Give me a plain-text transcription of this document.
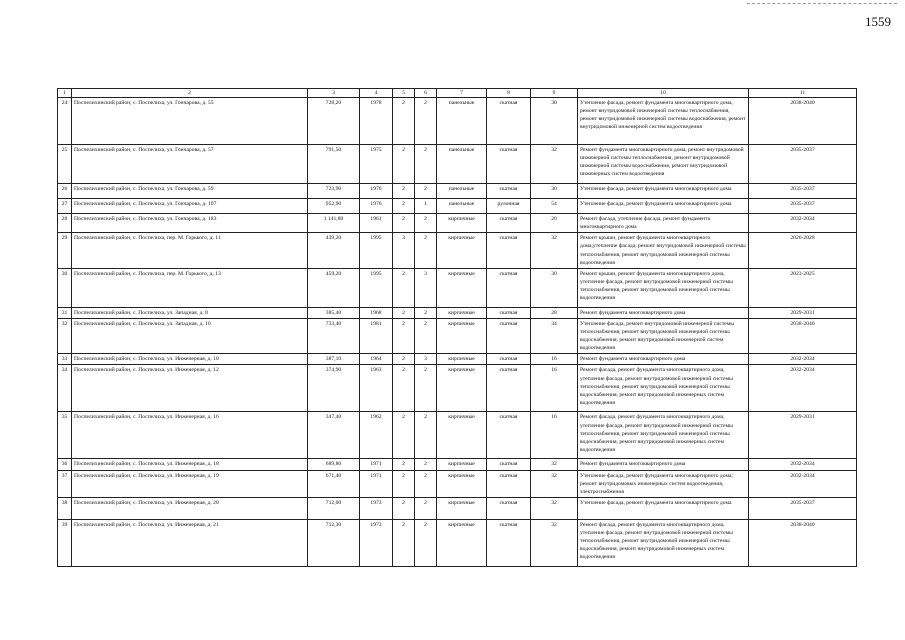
1559
1	2	3	4	5	6	7	8	9	10	11
24	Поспелихинский район, с. Поспелиха, ул. Гончарова, д. 55	728,20	1978	2	2	панельные	скатная	30	Утепление фасада, ремонт фундамента многоквартирного дома, ремонт внутридомовой инженерной системы теплоснабжения, ремонт внутридомовой инженерной системы водоснабжения, ремонт внутридомовой инженерной систем водоотведения	2038-2040
25	Поспелихинский район, с. Поспелиха, ул. Гончарова, д. 57	791,50	1975	2	2	панельные	скатная	32	Ремонт фундамента многоквартирного дома, ремонт внутридомовой инженерной системы теплоснабжения, ремонт внутридомовой инженерной системы водоснабжения, ремонт внутридомовой инженерных систем водоотведения	2035-2037
26	Поспелихинский район, с. Поспелиха, ул. Гончарова, д. 59	723,90	1976	2	2	панельные	скатная	30	Утепление фасада, ремонт фундамента многоквартирного дома	2035-2037
27	Поспелихинский район, с. Поспелиха, ул. Гончарова, д. 107	952,90	1976	2	1	панельные	рулонная	54	Утепление фасада, ремонт фундамента многоквартирного дома	2035-2037
28	Поспелихинский район, с. Поспелиха, ул. Гончарова, д. 183	1 141,80	1961	2	2	кирпичные	скатная	20	Ремонт фасада, утепление фасада, ремонт фундамента многоквартирного дома	2032-2034
29	Поспелихинский район, с. Поспелиха, пер. М. Горького, д. 11	439,20	1995	3	2	кирпичные	скатная	32	Ремонт крыши, ремонт фундамента многоквартирного дома,утепление фасада, ремонт внутридомовой инженерной системы теплоснабжения, ремонт внутридомовой инженерной системы водоотведения	2026-2028
30	Поспелихинский район, с. Поспелиха, пер. М. Горького, д. 13	459,20	1995	2	3	кирпичные	скатная	30	Ремонт крыши, ремонт фундамента многоквартирного дома, утепление фасада, ремонт внутридомовой инженерной системы теплоснабжения, ремонт внутридомовой инженерной системы водоотведения	2023-2025
31	Поспелихинский район, с. Поспелиха, ул. Западная, д. 8	385,40	1968	2	2	кирпичные	скатная	28	Ремонт фундамента многоквартирного дома	2029-2031
32	Поспелихинский район, с. Поспелиха, ул. Западная, д. 10	733,40	1981	2	2	кирпичные	скатная	34	Утепление фасада, ремонт внутридомовой инженерной системы теплоснабжения, ремонт внутридомовой инженерной системы водоснабжения, ремонт внутридомовой инженерной систем водоотведения	2038-2040
33	Поспелихинский район, с. Поспелиха, ул. Инженерная, д. 10	387,10	1964	2	3	кирпичные	скатная	16	Ремонт фундамента многоквартирного дома	2032-2034
34	Поспелихинский район, с. Поспелиха, ул. Инженерная, д. 12	374,90	1963	2	2	кирпичные	скатная	16	Ремонт фасада, ремонт фундамента многоквартирного дома, утепление фасада, ремонт внутридомовой инженерной системы теплоснабжения, ремонт внутридомовой инженерной системы водоснабжения, ремонт внутридомовой инженерных систем водоотведения	2032-2034
35	Поспелихинский район, с. Поспелиха, ул. Инженерная, д. 16	347,40	1962	2	2	кирпичные	скатная	16	Ремонт фасада, ремонт фундамента многоквартирного дома, утепление фасада, ремонт внутридомовой инженерной системы теплоснабжения, ремонт внутридомовой инженерной системы водоснабжения, ремонт внутридомовой инженерных систем водоотведения	2029-2031
36	Поспелихинский район, с. Поспелиха, ул. Инженерная, д. 18	689,80	1971	2	2	кирпичные	скатная	32	Ремонт фундамента многоквартирного дома	2032-2034
37	Поспелихинский район, с. Поспелиха, ул. Инженерная, д. 19	671,40	1971	2	2	кирпичные	скатная	32	Утепление фасада, ремонт фундамента многоквартирного дома; ремонт внутридомовых инженерных систем водоотведения, электроснабжения	2032-2034
38	Поспелихинский район, с. Поспелиха, ул. Инженерная, д. 20	712,00	1973	2	2	кирпичные	скатная	32	Утепление фасада, ремонт фундамента многоквартирного дома	2035-2037
39	Поспелихинский район, с. Поспелиха, ул. Инженерная, д. 21	712,30	1973	2	2	кирпичные	скатная	32	Ремонт фасада, ремонт фундамента многоквартирного дома, утепление фасада, ремонт внутридомовой инженерной системы теплоснабжения, ремонт внутридомовой инженерной системы водоснабжения, ремонт внутридомовой инженерных систем водоотведения	2038-2040
